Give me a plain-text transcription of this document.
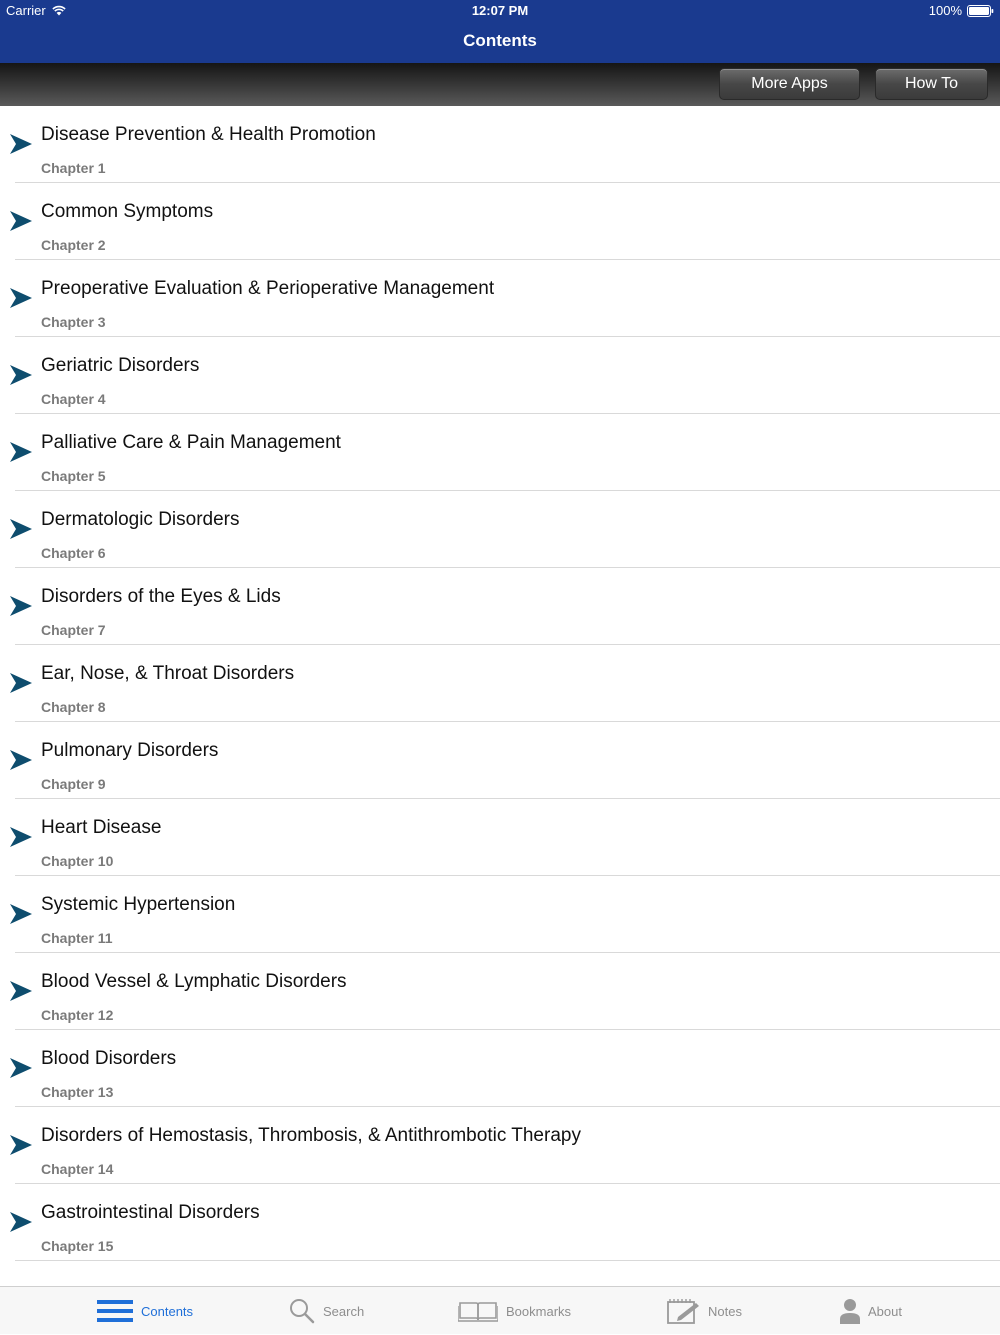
Carrier	12:07 PM	100%
Contents
More Apps	How To
Disease Prevention & Health Promotion
Chapter 1
Common Symptoms
Chapter 2
Preoperative Evaluation & Perioperative Management
Chapter 3
Geriatric Disorders
Chapter 4
Palliative Care & Pain Management
Chapter 5
Dermatologic Disorders
Chapter 6
Disorders of the Eyes & Lids
Chapter 7
Ear, Nose, & Throat Disorders
Chapter 8
Pulmonary Disorders
Chapter 9
Heart Disease
Chapter 10
Systemic Hypertension
Chapter 11
Blood Vessel & Lymphatic Disorders
Chapter 12
Blood Disorders
Chapter 13
Disorders of Hemostasis, Thrombosis, & Antithrombotic Therapy
Chapter 14
Gastrointestinal Disorders
Chapter 15
Contents	Search	Bookmarks	Notes	About
